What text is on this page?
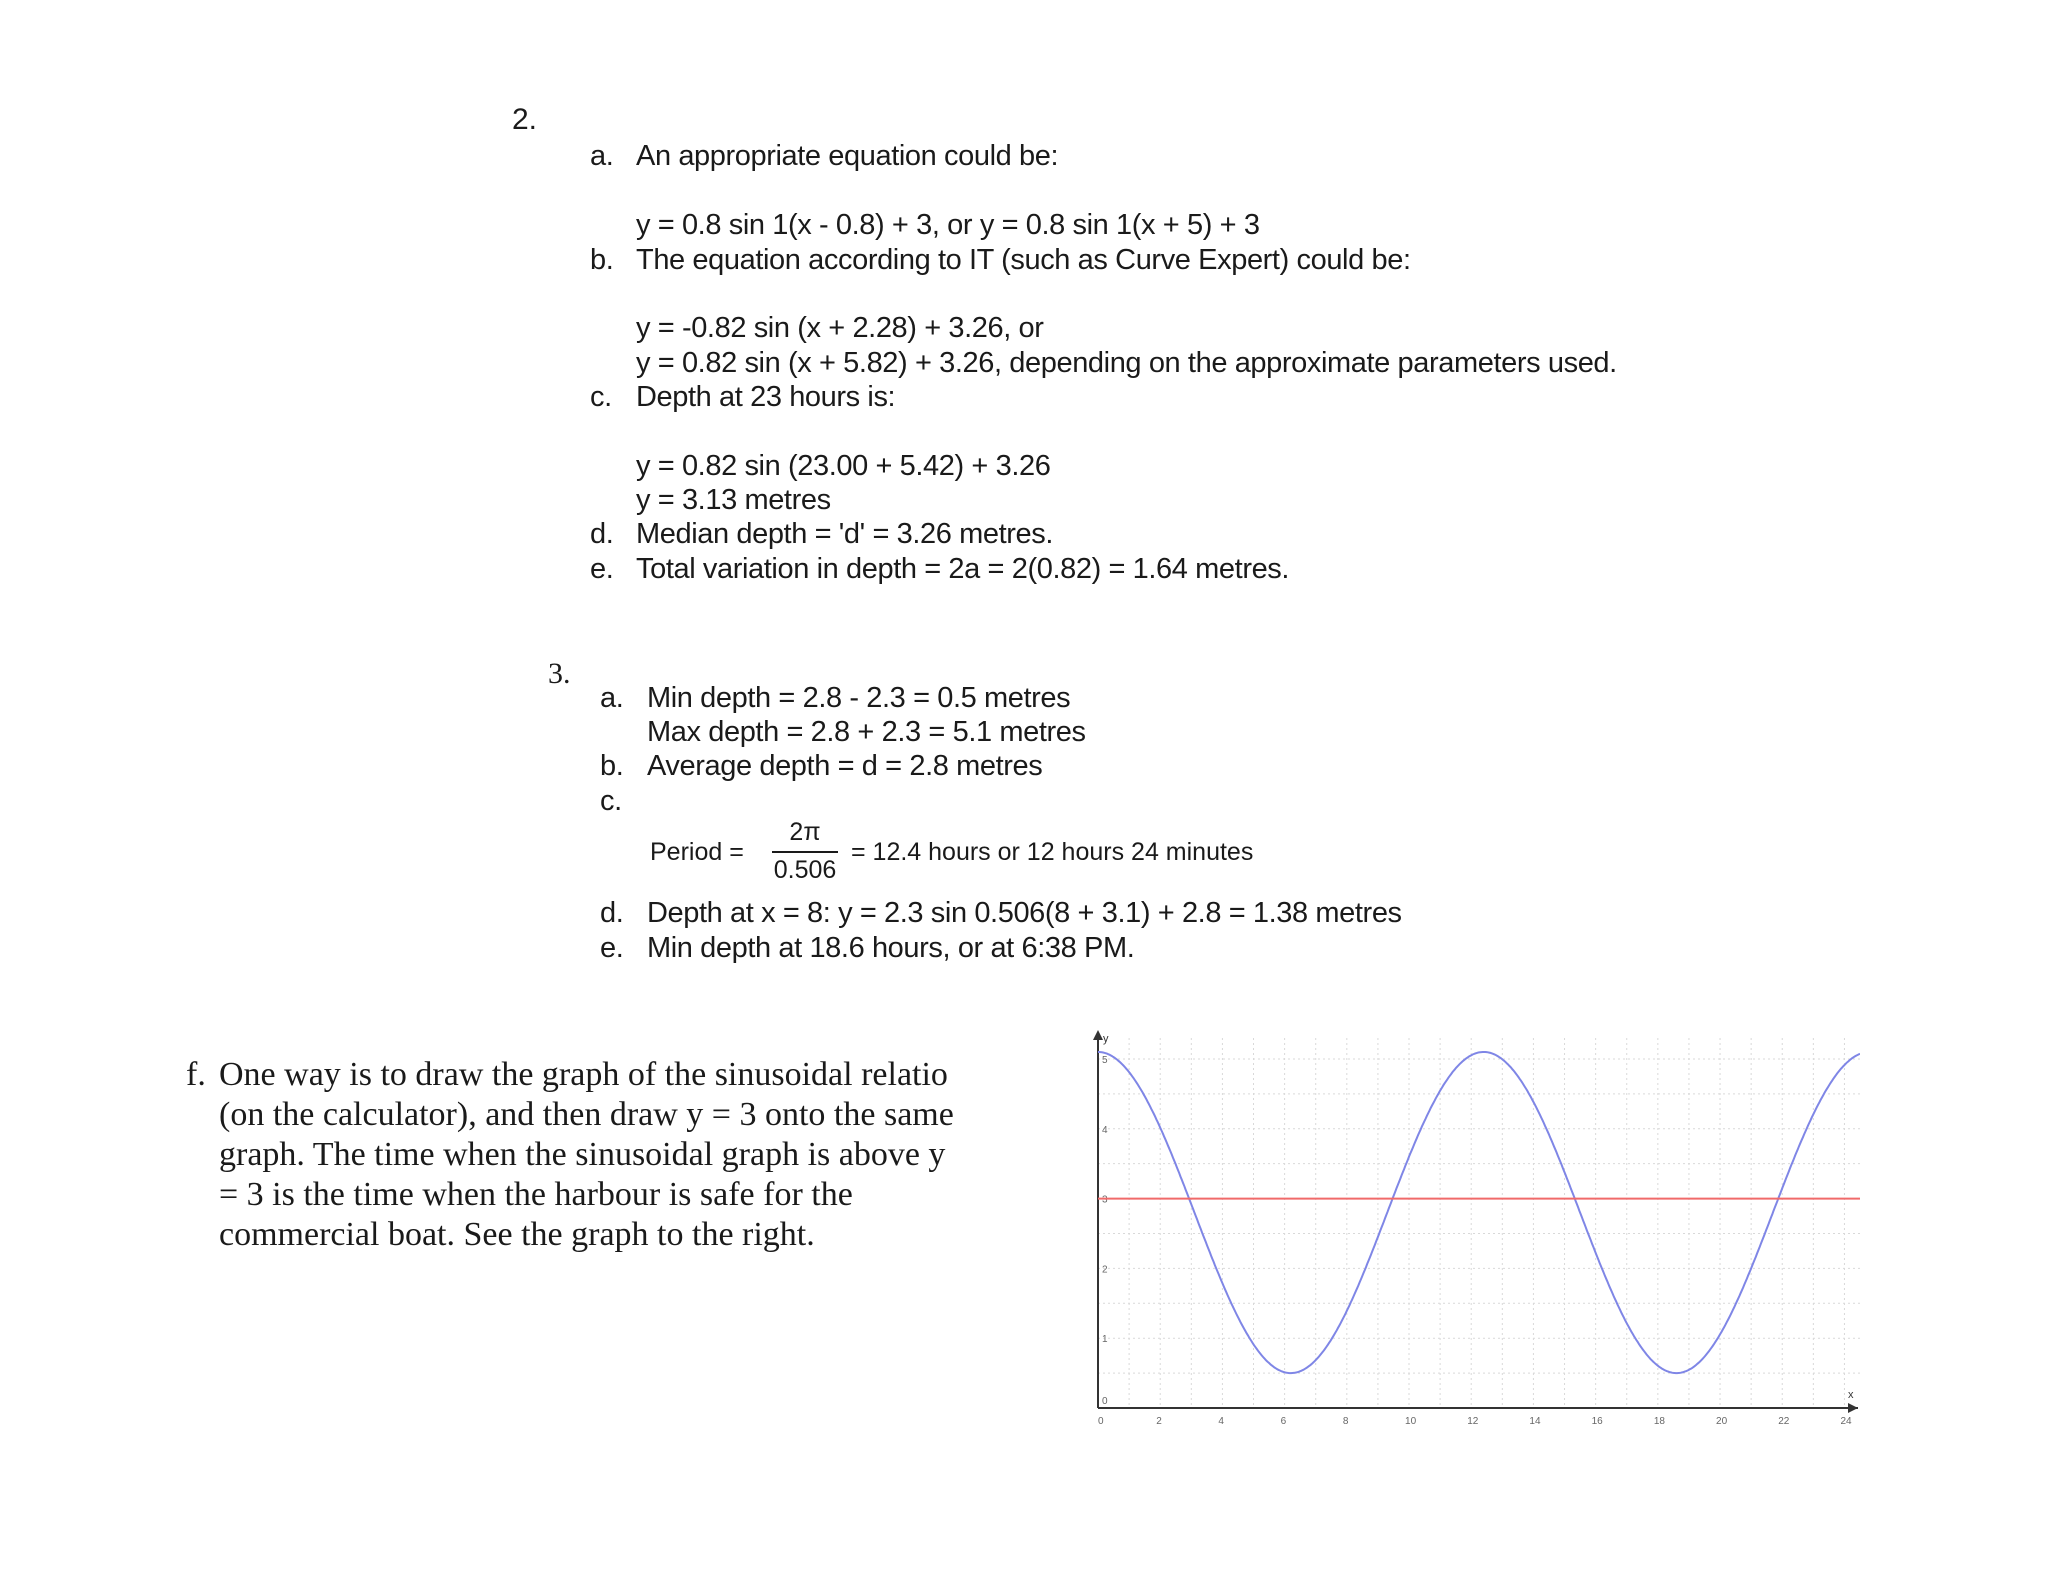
2.
a. An appropriate equation could be:
y = 0.8 sin 1(x - 0.8) + 3, or y = 0.8 sin 1(x + 5) + 3
b. The equation according to IT (such as Curve Expert) could be:
y = -0.82 sin (x + 2.28) + 3.26, or
y = 0.82 sin (x + 5.82) + 3.26, depending on the approximate parameters used.
c. Depth at 23 hours is:
y = 0.82 sin (23.00 + 5.42) + 3.26
y = 3.13 metres
d. Median depth = 'd' = 3.26 metres.
e. Total variation in depth = 2a = 2(0.82) = 1.64 metres.
3.
a. Min depth = 2.8 - 2.3 = 0.5 metres
Max depth = 2.8 + 2.3 = 5.1 metres
b. Average depth = d = 2.8 metres
c.
Period =
2π
0.506
= 12.4 hours or 12 hours 24 minutes
d. Depth at x = 8: y = 2.3 sin 0.506(8 + 3.1) + 2.8 = 1.38 metres
e. Min depth at 18.6 hours, or at 6:38 PM.
f. One way is to draw the graph of the sinusoidal relatio
(on the calculator), and then draw y = 3 onto the same
graph. The time when the sinusoidal graph is above y
= 3 is the time when the harbour is safe for the
commercial boat. See the graph to the right.
0	2	4	6	8	10	12	14	16	18	20	22	24
0
1
2
3
4
5
x
y
